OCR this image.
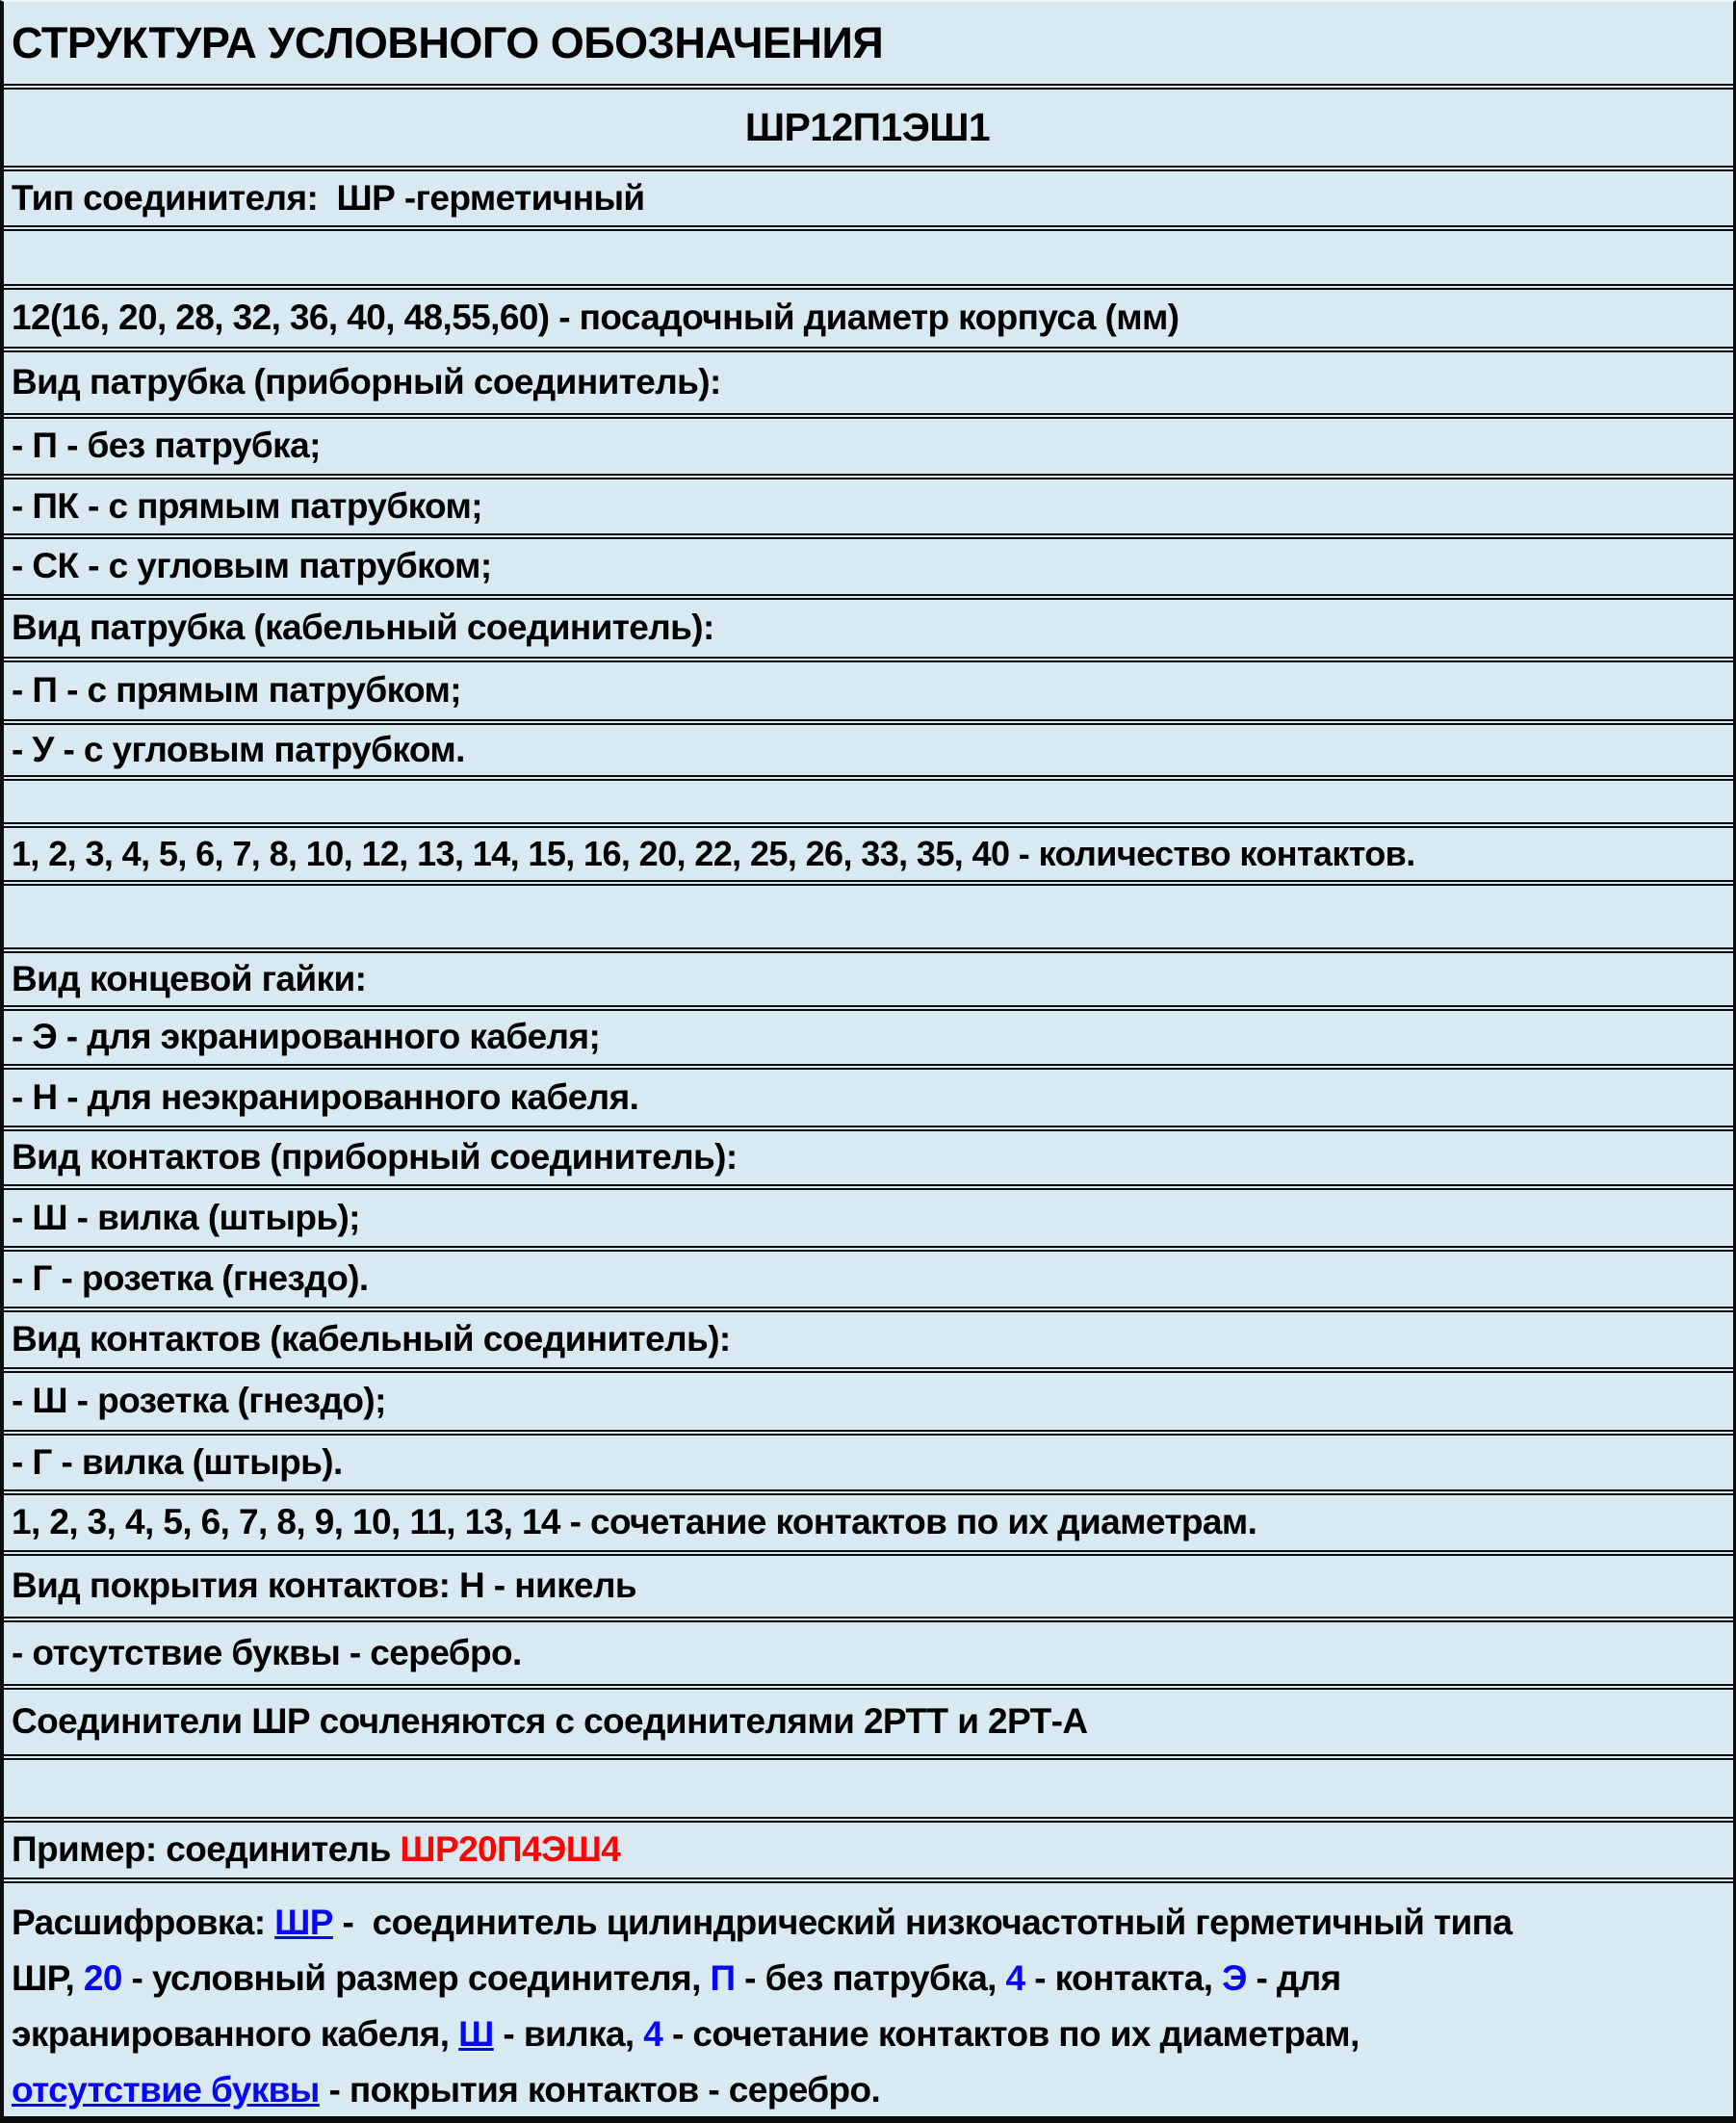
СТРУКТУРА УСЛОВНОГО ОБОЗНАЧЕНИЯ
ШР12П1ЭШ1
Тип соединителя:  ШР -герметичный
12(16, 20, 28, 32, 36, 40, 48,55,60) - посадочный диаметр корпуса (мм)
Вид патрубка (приборный соединитель):
- П - без патрубка;
- ПК - с прямым патрубком;
- СК - с угловым патрубком;
Вид патрубка (кабельный соединитель):
- П - с прямым патрубком;
- У - с угловым патрубком.
1, 2, 3, 4, 5, 6, 7, 8, 10, 12, 13, 14, 15, 16, 20, 22, 25, 26, 33, 35, 40 - количество контактов.
Вид концевой гайки:
- Э - для экранированного кабеля;
- Н - для неэкранированного кабеля.
Вид контактов (приборный соединитель):
- Ш - вилка (штырь);
- Г - розетка (гнездо).
Вид контактов (кабельный соединитель):
- Ш - розетка (гнездо);
- Г - вилка (штырь).
1, 2, 3, 4, 5, 6, 7, 8, 9, 10, 11, 13, 14 - сочетание контактов по их диаметрам.
Вид покрытия контактов: Н - никель
- отсутствие буквы - серебро.
Соединители ШР сочленяются с соединителями 2РТТ и 2РТ-А
Пример: соединитель ШР20П4ЭШ4
Расшифровка: ШР -  соединитель цилиндрический низкочастотный герметичный типа
ШР, 20 - условный размер соединителя, П - без патрубка, 4 - контакта, Э - для
экранированного кабеля, Ш - вилка, 4 - сочетание контактов по их диаметрам,
отсутствие буквы - покрытия контактов - серебро.
